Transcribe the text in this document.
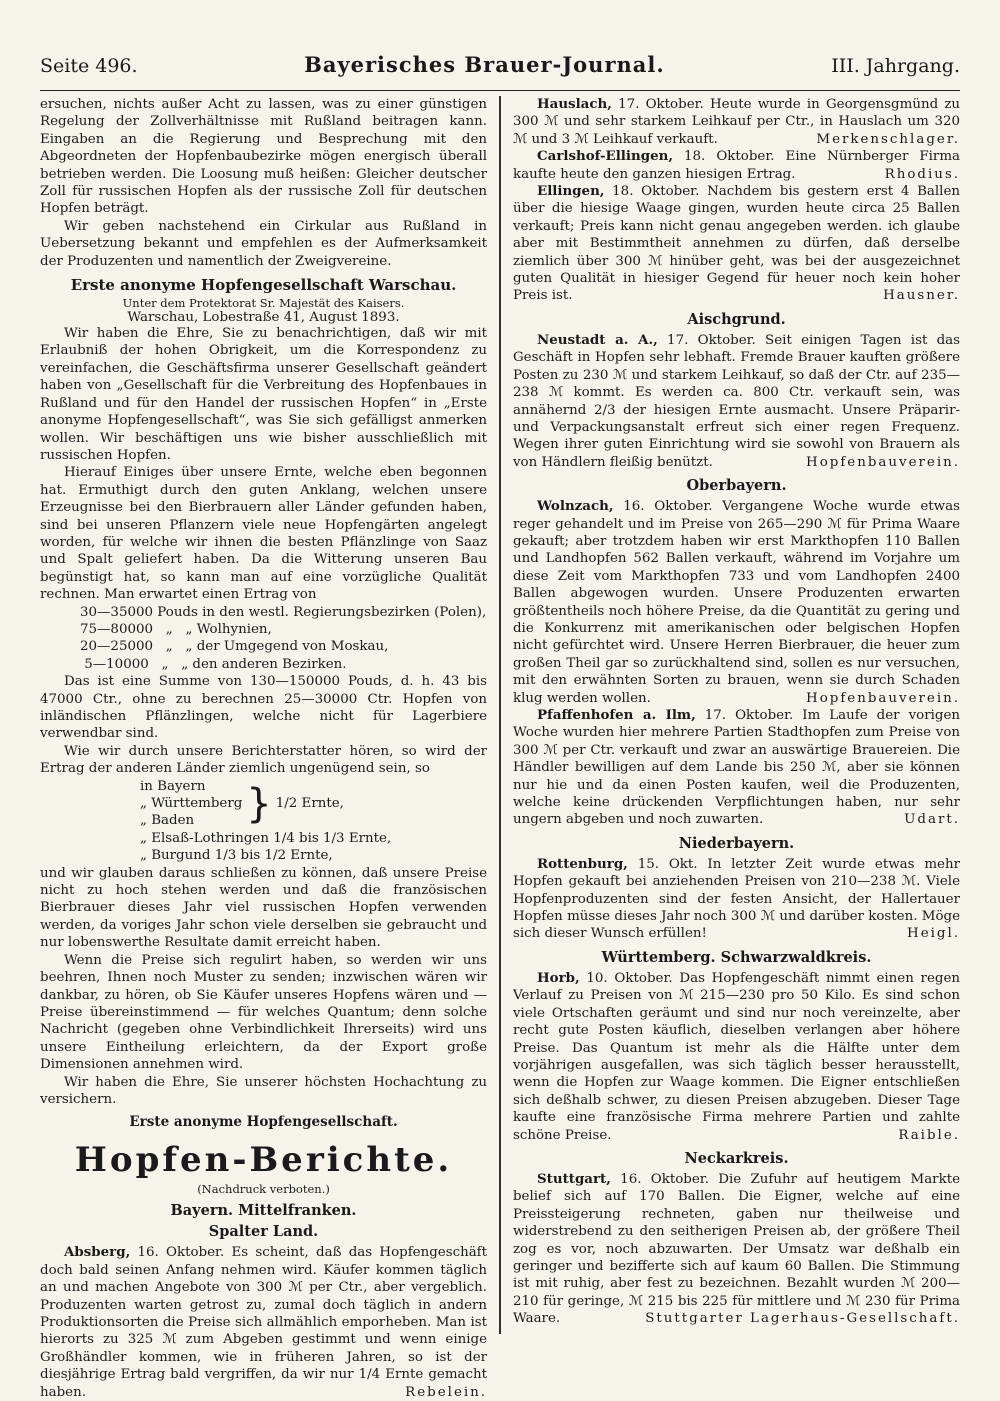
Seite 496.	Bayerisches Brauer-Journal.	III. Jahrgang.

ersuchen, nichts außer Acht zu lassen, was zu einer günstigen Regelung der Zollverhältnisse mit Rußland beitragen kann. Eingaben an die Regierung und Besprechung mit den Abgeordneten der Hopfenbaubezirke mögen energisch überall betrieben werden. Die Loosung muß heißen: Gleicher deutscher Zoll für russischen Hopfen als der russische Zoll für deutschen Hopfen beträgt.

Wir geben nachstehend ein Cirkular aus Rußland in Uebersetzung bekannt und empfehlen es der Aufmerksamkeit der Produzenten und namentlich der Zweigvereine.

Erste anonyme Hopfengesellschaft Warschau.
Unter dem Protektorat Sr. Majestät des Kaisers.
Warschau, Lobestraße 41, August 1893.

Wir haben die Ehre, Sie zu benachrichtigen, daß wir mit Erlaubniß der hohen Obrigkeit, um die Korrespondenz zu vereinfachen, die Geschäftsfirma unserer Gesellschaft geändert haben von „Gesellschaft für die Verbreitung des Hopfenbaues in Rußland und für den Handel der russischen Hopfen“ in „Erste anonyme Hopfengesellschaft“, was Sie sich gefälligst anmerken wollen. Wir beschäftigen uns wie bisher ausschließlich mit russischen Hopfen.

Hierauf Einiges über unsere Ernte, welche eben begonnen hat. Ermuthigt durch den guten Anklang, welchen unsere Erzeugnisse bei den Bierbrauern aller Länder gefunden haben, sind bei unseren Pflanzern viele neue Hopfengärten angelegt worden, für welche wir ihnen die besten Pflänzlinge von Saaz und Spalt geliefert haben. Da die Witterung unseren Bau begünstigt hat, so kann man auf eine vorzügliche Qualität rechnen. Man erwartet einen Ertrag von

30—35000 Pouds in den westl. Regierungsbezirken (Polen),
75—80000   „   „ Wolhynien,
20—25000   „   „ der Umgegend von Moskau,
5—10000   „   „ den anderen Bezirken.

Das ist eine Summe von 130—150000 Pouds, d. h. 43 bis 47000 Ctr., ohne zu berechnen 25—30000 Ctr. Hopfen von inländischen Pflänzlingen, welche nicht für Lagerbiere verwendbar sind.

Wie wir durch unsere Berichterstatter hören, so wird der Ertrag der anderen Länder ziemlich ungenügend sein, so

in Bayern
„ Württemberg
„ Baden	} 1/2 Ernte,
„ Elsaß-Lothringen 1/4 bis 1/3 Ernte,
„ Burgund 1/3 bis 1/2 Ernte,

und wir glauben daraus schließen zu können, daß unsere Preise nicht zu hoch stehen werden und daß die französischen Bierbrauer dieses Jahr viel russischen Hopfen verwenden werden, da voriges Jahr schon viele derselben sie gebraucht und nur lobenswerthe Resultate damit erreicht haben.

Wenn die Preise sich regulirt haben, so werden wir uns beehren, Ihnen noch Muster zu senden; inzwischen wären wir dankbar, zu hören, ob Sie Käufer unseres Hopfens wären und — Preise übereinstimmend — für welches Quantum; denn solche Nachricht (gegeben ohne Verbindlichkeit Ihrerseits) wird uns unsere Eintheilung erleichtern, da der Export große Dimensionen annehmen wird.

Wir haben die Ehre, Sie unserer höchsten Hochachtung zu versichern.

Erste anonyme Hopfengesellschaft.
Hopfen-Berichte.
(Nachdruck verboten.)
Bayern. Mittelfranken.
Spalter Land.

Absberg, 16. Oktober. Es scheint, daß das Hopfengeschäft doch bald seinen Anfang nehmen wird. Käufer kommen täglich an und machen Angebote von 300 ℳ per Ctr., aber vergeblich. Produzenten warten getrost zu, zumal doch täglich in andern Produktionsorten die Preise sich allmählich emporheben. Man ist hierorts zu 325 ℳ zum Abgeben gestimmt und wenn einige Großhändler kommen, wie in früheren Jahren, so ist der diesjährige Ertrag bald vergriffen, da wir nur 1/4 Ernte gemacht haben.	Rebelein.

Hauslach, 17. Oktober. Heute wurde in Georgensgmünd zu 300 ℳ und sehr starkem Leihkauf per Ctr., in Hauslach um 320 ℳ und 3 ℳ Leihkauf verkauft.	Merkenschlager.

Carlshof-Ellingen, 18. Oktober. Eine Nürnberger Firma kaufte heute den ganzen hiesigen Ertrag.	Rhodius.

Ellingen, 18. Oktober. Nachdem bis gestern erst 4 Ballen über die hiesige Waage gingen, wurden heute circa 25 Ballen verkauft; Preis kann nicht genau angegeben werden. ich glaube aber mit Bestimmtheit annehmen zu dürfen, daß derselbe ziemlich über 300 ℳ hinüber geht, was bei der ausgezeichnet guten Qualität in hiesiger Gegend für heuer noch kein hoher Preis ist.	Hausner.

Aischgrund.

Neustadt a. A., 17. Oktober. Seit einigen Tagen ist das Geschäft in Hopfen sehr lebhaft. Fremde Brauer kauften größere Posten zu 230 ℳ und starkem Leihkauf, so daß der Ctr. auf 235—238 ℳ kommt. Es werden ca. 800 Ctr. verkauft sein, was annähernd 2/3 der hiesigen Ernte ausmacht. Unsere Präparir- und Verpackungsanstalt erfreut sich einer regen Frequenz. Wegen ihrer guten Einrichtung wird sie sowohl von Brauern als von Händlern fleißig benützt.	Hopfenbauverein.

Oberbayern.

Wolnzach, 16. Oktober. Vergangene Woche wurde etwas reger gehandelt und im Preise von 265—290 ℳ für Prima Waare gekauft; aber trotzdem haben wir erst Markthopfen 110 Ballen und Landhopfen 562 Ballen verkauft, während im Vorjahre um diese Zeit vom Markthopfen 733 und vom Landhopfen 2400 Ballen abgewogen wurden. Unsere Produzenten erwarten größtentheils noch höhere Preise, da die Quantität zu gering und die Konkurrenz mit amerikanischen oder belgischen Hopfen nicht gefürchtet wird. Unsere Herren Bierbrauer, die heuer zum großen Theil gar so zurückhaltend sind, sollen es nur versuchen, mit den erwähnten Sorten zu brauen, wenn sie durch Schaden klug werden wollen.	Hopfenbauverein.

Pfaffenhofen a. Ilm, 17. Oktober. Im Laufe der vorigen Woche wurden hier mehrere Partien Stadthopfen zum Preise von 300 ℳ per Ctr. verkauft und zwar an auswärtige Brauereien. Die Händler bewilligen auf dem Lande bis 250 ℳ, aber sie können nur hie und da einen Posten kaufen, weil die Produzenten, welche keine drückenden Verpflichtungen haben, nur sehr ungern abgeben und noch zuwarten.	Udart.

Niederbayern.

Rottenburg, 15. Okt. In letzter Zeit wurde etwas mehr Hopfen gekauft bei anziehenden Preisen von 210—238 ℳ. Viele Hopfenproduzenten sind der festen Ansicht, der Hallertauer Hopfen müsse dieses Jahr noch 300 ℳ und darüber kosten. Möge sich dieser Wunsch erfüllen!	Heigl.

Württemberg. Schwarzwaldkreis.

Horb, 10. Oktober. Das Hopfengeschäft nimmt einen regen Verlauf zu Preisen von ℳ 215—230 pro 50 Kilo. Es sind schon viele Ortschaften geräumt und sind nur noch vereinzelte, aber recht gute Posten käuflich, dieselben verlangen aber höhere Preise. Das Quantum ist mehr als die Hälfte unter dem vorjährigen ausgefallen, was sich täglich besser herausstellt, wenn die Hopfen zur Waage kommen. Die Eigner entschließen sich deßhalb schwer, zu diesen Preisen abzugeben. Dieser Tage kaufte eine französische Firma mehrere Partien und zahlte schöne Preise.	Raible.

Neckarkreis.

Stuttgart, 16. Oktober. Die Zufuhr auf heutigem Markte belief sich auf 170 Ballen. Die Eigner, welche auf eine Preissteigerung rechneten, gaben nur theilweise und widerstrebend zu den seitherigen Preisen ab, der größere Theil zog es vor, noch abzuwarten. Der Umsatz war deßhalb ein geringer und bezifferte sich auf kaum 60 Ballen. Die Stimmung ist mit ruhig, aber fest zu bezeichnen. Bezahlt wurden ℳ 200—210 für geringe, ℳ 215 bis 225 für mittlere und ℳ 230 für Prima Waare.	Stuttgarter Lagerhaus-Gesellschaft.
